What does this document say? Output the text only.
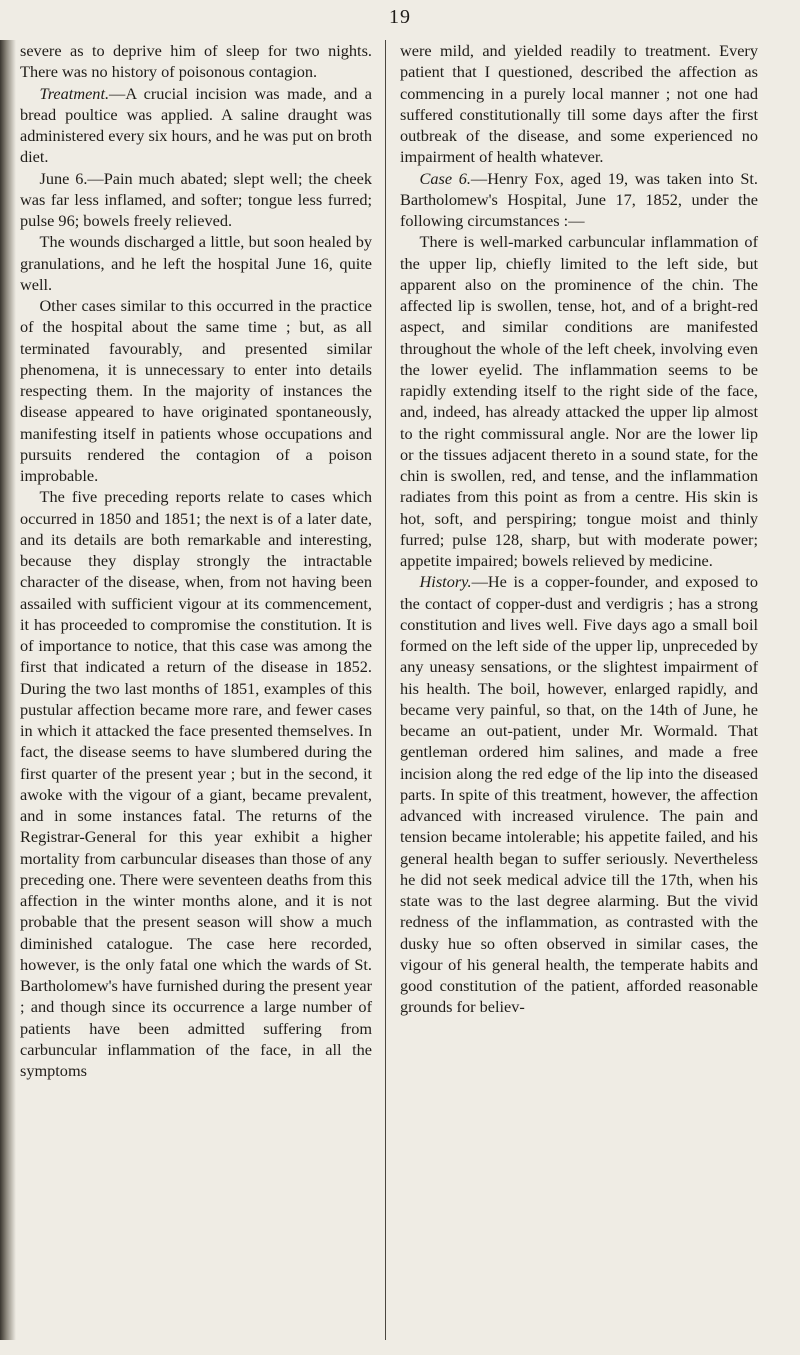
19

severe as to deprive him of sleep for two nights. There was no history of poisonous contagion.

Treatment.—A crucial incision was made, and a bread poultice was applied. A saline draught was administered every six hours, and he was put on broth diet.

June 6.—Pain much abated; slept well; the cheek was far less inflamed, and softer; tongue less furred; pulse 96; bowels freely relieved.

The wounds discharged a little, but soon healed by granulations, and he left the hospital June 16, quite well.

Other cases similar to this occurred in the practice of the hospital about the same time ; but, as all terminated favourably, and presented similar phenomena, it is unnecessary to enter into details respecting them. In the majority of instances the disease appeared to have originated spontaneously, manifesting itself in patients whose occupations and pursuits rendered the contagion of a poison improbable.

The five preceding reports relate to cases which occurred in 1850 and 1851; the next is of a later date, and its details are both remarkable and interesting, because they display strongly the intractable character of the disease, when, from not having been assailed with sufficient vigour at its commencement, it has proceeded to compromise the constitution. It is of importance to notice, that this case was among the first that indicated a return of the disease in 1852. During the two last months of 1851, examples of this pustular affection became more rare, and fewer cases in which it attacked the face presented themselves. In fact, the disease seems to have slumbered during the first quarter of the present year ; but in the second, it awoke with the vigour of a giant, became prevalent, and in some instances fatal. The returns of the Registrar-General for this year exhibit a higher mortality from carbuncular diseases than those of any preceding one. There were seventeen deaths from this affection in the winter months alone, and it is not probable that the present season will show a much diminished catalogue. The case here recorded, however, is the only fatal one which the wards of St. Bartholomew's have furnished during the present year ; and though since its occurrence a large number of patients have been admitted suffering from carbuncular inflammation of the face, in all the symptoms

were mild, and yielded readily to treatment. Every patient that I questioned, described the affection as commencing in a purely local manner ; not one had suffered constitutionally till some days after the first outbreak of the disease, and some experienced no impairment of health whatever.

Case 6.—Henry Fox, aged 19, was taken into St. Bartholomew's Hospital, June 17, 1852, under the following circumstances :—

There is well-marked carbuncular inflammation of the upper lip, chiefly limited to the left side, but apparent also on the prominence of the chin. The affected lip is swollen, tense, hot, and of a bright-red aspect, and similar conditions are manifested throughout the whole of the left cheek, involving even the lower eyelid. The inflammation seems to be rapidly extending itself to the right side of the face, and, indeed, has already attacked the upper lip almost to the right commissural angle. Nor are the lower lip or the tissues adjacent thereto in a sound state, for the chin is swollen, red, and tense, and the inflammation radiates from this point as from a centre. His skin is hot, soft, and perspiring; tongue moist and thinly furred; pulse 128, sharp, but with moderate power; appetite impaired; bowels relieved by medicine.

History.—He is a copper-founder, and exposed to the contact of copper-dust and verdigris ; has a strong constitution and lives well. Five days ago a small boil formed on the left side of the upper lip, unpreceded by any uneasy sensations, or the slightest impairment of his health. The boil, however, enlarged rapidly, and became very painful, so that, on the 14th of June, he became an out-patient, under Mr. Wormald. That gentleman ordered him salines, and made a free incision along the red edge of the lip into the diseased parts. In spite of this treatment, however, the affection advanced with increased virulence. The pain and tension became intolerable; his appetite failed, and his general health began to suffer seriously. Nevertheless he did not seek medical advice till the 17th, when his state was to the last degree alarming. But the vivid redness of the inflammation, as contrasted with the dusky hue so often observed in similar cases, the vigour of his general health, the temperate habits and good constitution of the patient, afforded reasonable grounds for believ-
